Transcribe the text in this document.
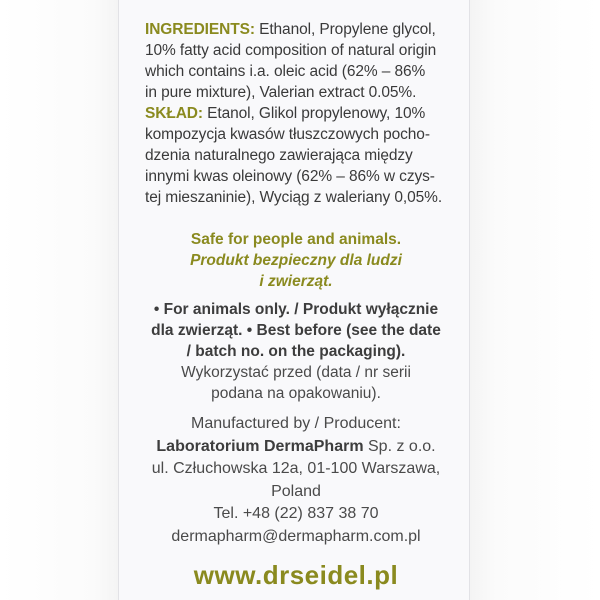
INGREDIENTS: Ethanol, Propylene glycol,
10% fatty acid composition of natural origin
which contains i.a. oleic acid (62% – 86%
in pure mixture), Valerian extract 0.05%.

SKŁAD: Etanol, Glikol propylenowy, 10%
kompozycja kwasów tłuszczowych pocho-
dzenia naturalnego zawierająca między
innymi kwas oleinowy (62% – 86% w czys-
tej mieszaninie), Wyciąg z waleriany 0,05%.

Safe for people and animals.
Produkt bezpieczny dla ludzi
i zwierząt.

• For animals only. / Produkt wyłącznie
dla zwierząt. • Best before (see the date
/ batch no. on the packaging).
Wykorzystać przed (data / nr serii
podana na opakowaniu).

Manufactured by / Producent:
Laboratorium DermaPharm Sp. z o.o.
ul. Człuchowska 12a, 01-100 Warszawa,
Poland
Tel. +48 (22) 837 38 70
dermapharm@dermapharm.com.pl

www.drseidel.pl
